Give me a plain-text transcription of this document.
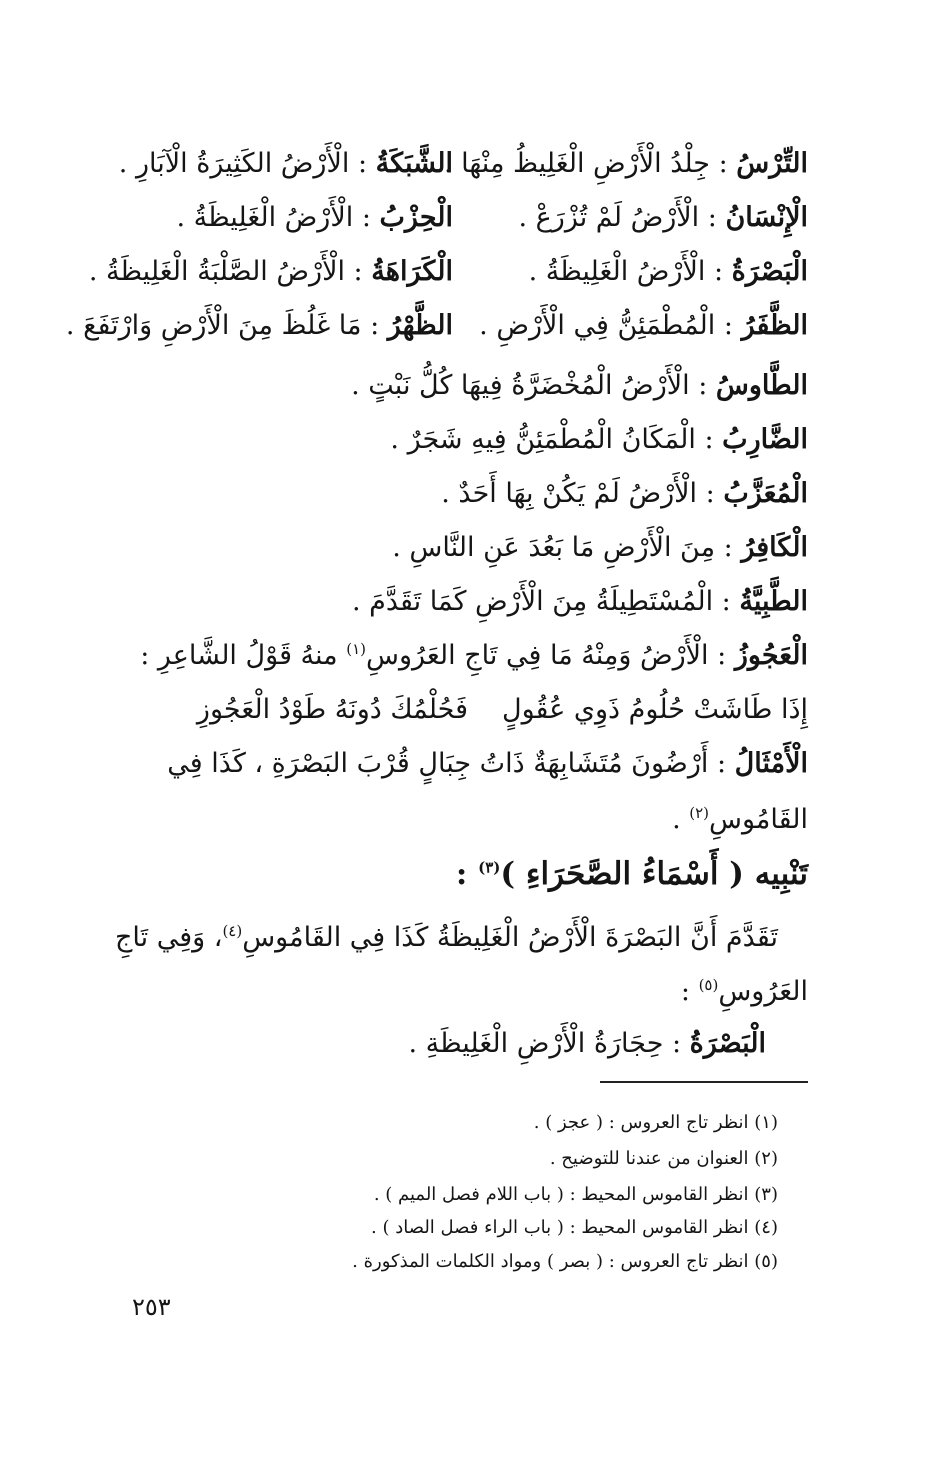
التِّرْسُ : جِلْدُ الْأَرْضِ الْغَلِيظُ مِنْهَا .
الشَّبَكَةُ : الْأَرْضُ الكَثِيرَةُ الْآبَارِ .
الْإِنْسَانُ : الْأَرْضُ لَمْ تُزْرَعْ .
الْحِزْبُ : الْأَرْضُ الْغَلِيظَةُ .
الْبَصْرَةُ : الْأَرْضُ الْغَلِيظَةُ .
الْكَرَاهَةُ : الْأَرْضُ الصَّلْبَةُ الْغَلِيظَةُ .
الظَّفَرُ : الْمُطْمَئِنُّ فِي الْأَرْضِ .
الظَّهْرُ : مَا غَلُظَ مِنَ الْأَرْضِ وَارْتَفَعَ .
الطَّاوسُ : الْأَرْضُ الْمُخْضَرَّةُ فِيهَا كُلُّ نَبْتٍ .
الضَّارِبُ : الْمَكَانُ الْمُطْمَئِنُّ فِيهِ شَجَرٌ .
الْمُعَزَّبُ : الْأَرْضُ لَمْ يَكُنْ بِهَا أَحَدٌ .
الْكَافِرُ : مِنَ الْأَرْضِ مَا بَعُدَ عَنِ النَّاسِ .
الطَّبِيَّةُ : الْمُسْتَطِيلَةُ مِنَ الْأَرْضِ كَمَا تَقَدَّمَ .
الْعَجُوزُ : الْأَرْضُ وَمِنْهُ مَا فِي تَاجِ العَرُوسِ$^{(١)}$ منهُ قَوْلُ الشَّاعِرِ :
إِذَا طَاشَتْ حُلُومُ ذَوِي عُقُولٍ
فَحُلْمُكَ دُونَهُ طَوْدُ الْعَجُوزِ
الْأَمْثَالُ : أَرْضُونَ مُتَشَابِهَةٌ ذَاتُ جِبَالٍ قُرْبَ البَصْرَةِ ، كَذَا فِي
القَامُوسِ$^{(٢)}$ .
تَنْبِيه ( أَسْمَاءُ الصَّحَرَاءِ )$^{(٣)}$ :
تَقَدَّمَ أَنَّ البَصْرَةَ الْأَرْضُ الْغَلِيظَةُ كَذَا فِي القَامُوسِ$^{(٤)}$، وَفِي تَاجِ
العَرُوسِ$^{(٥)}$ :
الْبَصْرَةُ : حِجَارَةُ الْأَرْضِ الْغَلِيظَةِ .
(١) انظر تاج العروس : ( عجز ) .
(٢) العنوان من عندنا للتوضيح .
(٣) انظر القاموس المحيط : ( باب اللام فصل الميم ) .
(٤) انظر القاموس المحيط : ( باب الراء فصل الصاد ) .
(٥) انظر تاج العروس : ( بصر ) ومواد الكلمات المذكورة .
٢٥٣
